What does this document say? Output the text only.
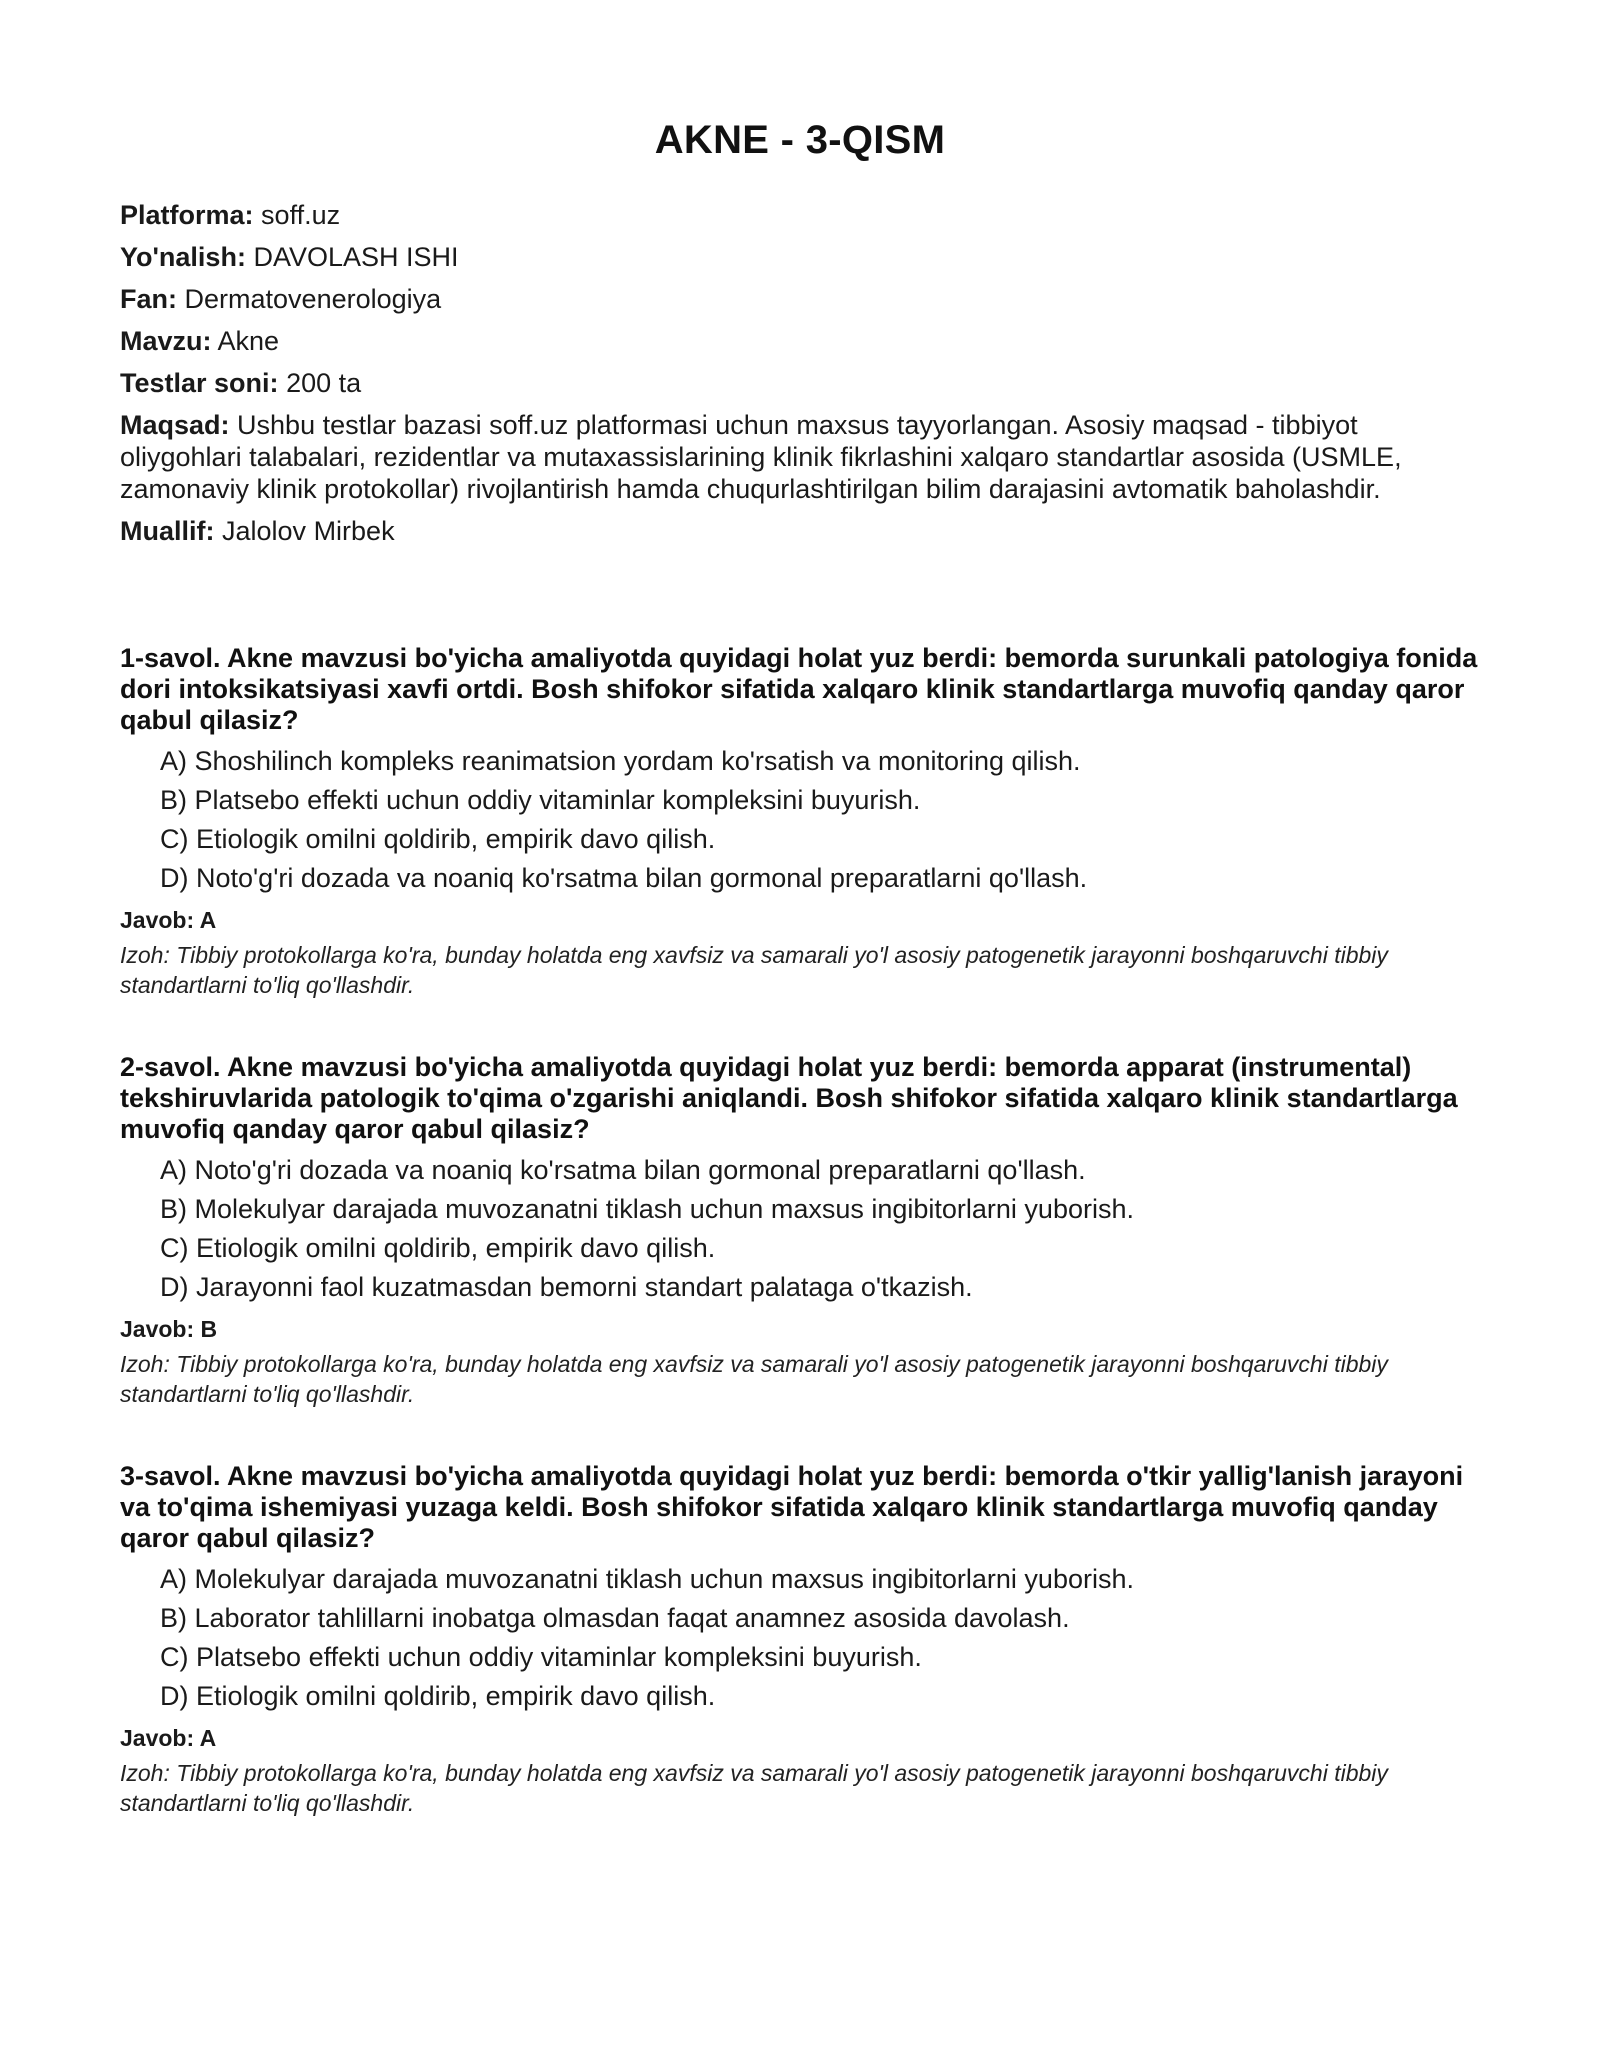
AKNE - 3-QISM

Platforma: soff.uz

Yo'nalish: DAVOLASH ISHI

Fan: Dermatovenerologiya

Mavzu: Akne

Testlar soni: 200 ta

Maqsad: Ushbu testlar bazasi soff.uz platformasi uchun maxsus tayyorlangan. Asosiy maqsad - tibbiyot oliygohlari talabalari, rezidentlar va mutaxassislarining klinik fikrlashini xalqaro standartlar asosida (USMLE, zamonaviy klinik protokollar) rivojlantirish hamda chuqurlashtirilgan bilim darajasini avtomatik baholashdir.

Muallif: Jalolov Mirbek

1-savol. Akne mavzusi bo'yicha amaliyotda quyidagi holat yuz berdi: bemorda surunkali patologiya fonida dori intoksikatsiyasi xavfi ortdi. Bosh shifokor sifatida xalqaro klinik standartlarga muvofiq qanday qaror qabul qilasiz?

A) Shoshilinch kompleks reanimatsion yordam ko'rsatish va monitoring qilish.
B) Platsebo effekti uchun oddiy vitaminlar kompleksini buyurish.
C) Etiologik omilni qoldirib, empirik davo qilish.
D) Noto'g'ri dozada va noaniq ko'rsatma bilan gormonal preparatlarni qo'llash.

Javob: A

Izoh: Tibbiy protokollarga ko'ra, bunday holatda eng xavfsiz va samarali yo'l asosiy patogenetik jarayonni boshqaruvchi tibbiy standartlarni to'liq qo'llashdir.

2-savol. Akne mavzusi bo'yicha amaliyotda quyidagi holat yuz berdi: bemorda apparat (instrumental) tekshiruvlarida patologik to'qima o'zgarishi aniqlandi. Bosh shifokor sifatida xalqaro klinik standartlarga muvofiq qanday qaror qabul qilasiz?

A) Noto'g'ri dozada va noaniq ko'rsatma bilan gormonal preparatlarni qo'llash.
B) Molekulyar darajada muvozanatni tiklash uchun maxsus ingibitorlarni yuborish.
C) Etiologik omilni qoldirib, empirik davo qilish.
D) Jarayonni faol kuzatmasdan bemorni standart palataga o'tkazish.

Javob: B

Izoh: Tibbiy protokollarga ko'ra, bunday holatda eng xavfsiz va samarali yo'l asosiy patogenetik jarayonni boshqaruvchi tibbiy standartlarni to'liq qo'llashdir.

3-savol. Akne mavzusi bo'yicha amaliyotda quyidagi holat yuz berdi: bemorda o'tkir yallig'lanish jarayoni va to'qima ishemiyasi yuzaga keldi. Bosh shifokor sifatida xalqaro klinik standartlarga muvofiq qanday qaror qabul qilasiz?

A) Molekulyar darajada muvozanatni tiklash uchun maxsus ingibitorlarni yuborish.
B) Laborator tahlillarni inobatga olmasdan faqat anamnez asosida davolash.
C) Platsebo effekti uchun oddiy vitaminlar kompleksini buyurish.
D) Etiologik omilni qoldirib, empirik davo qilish.

Javob: A

Izoh: Tibbiy protokollarga ko'ra, bunday holatda eng xavfsiz va samarali yo'l asosiy patogenetik jarayonni boshqaruvchi tibbiy standartlarni to'liq qo'llashdir.
